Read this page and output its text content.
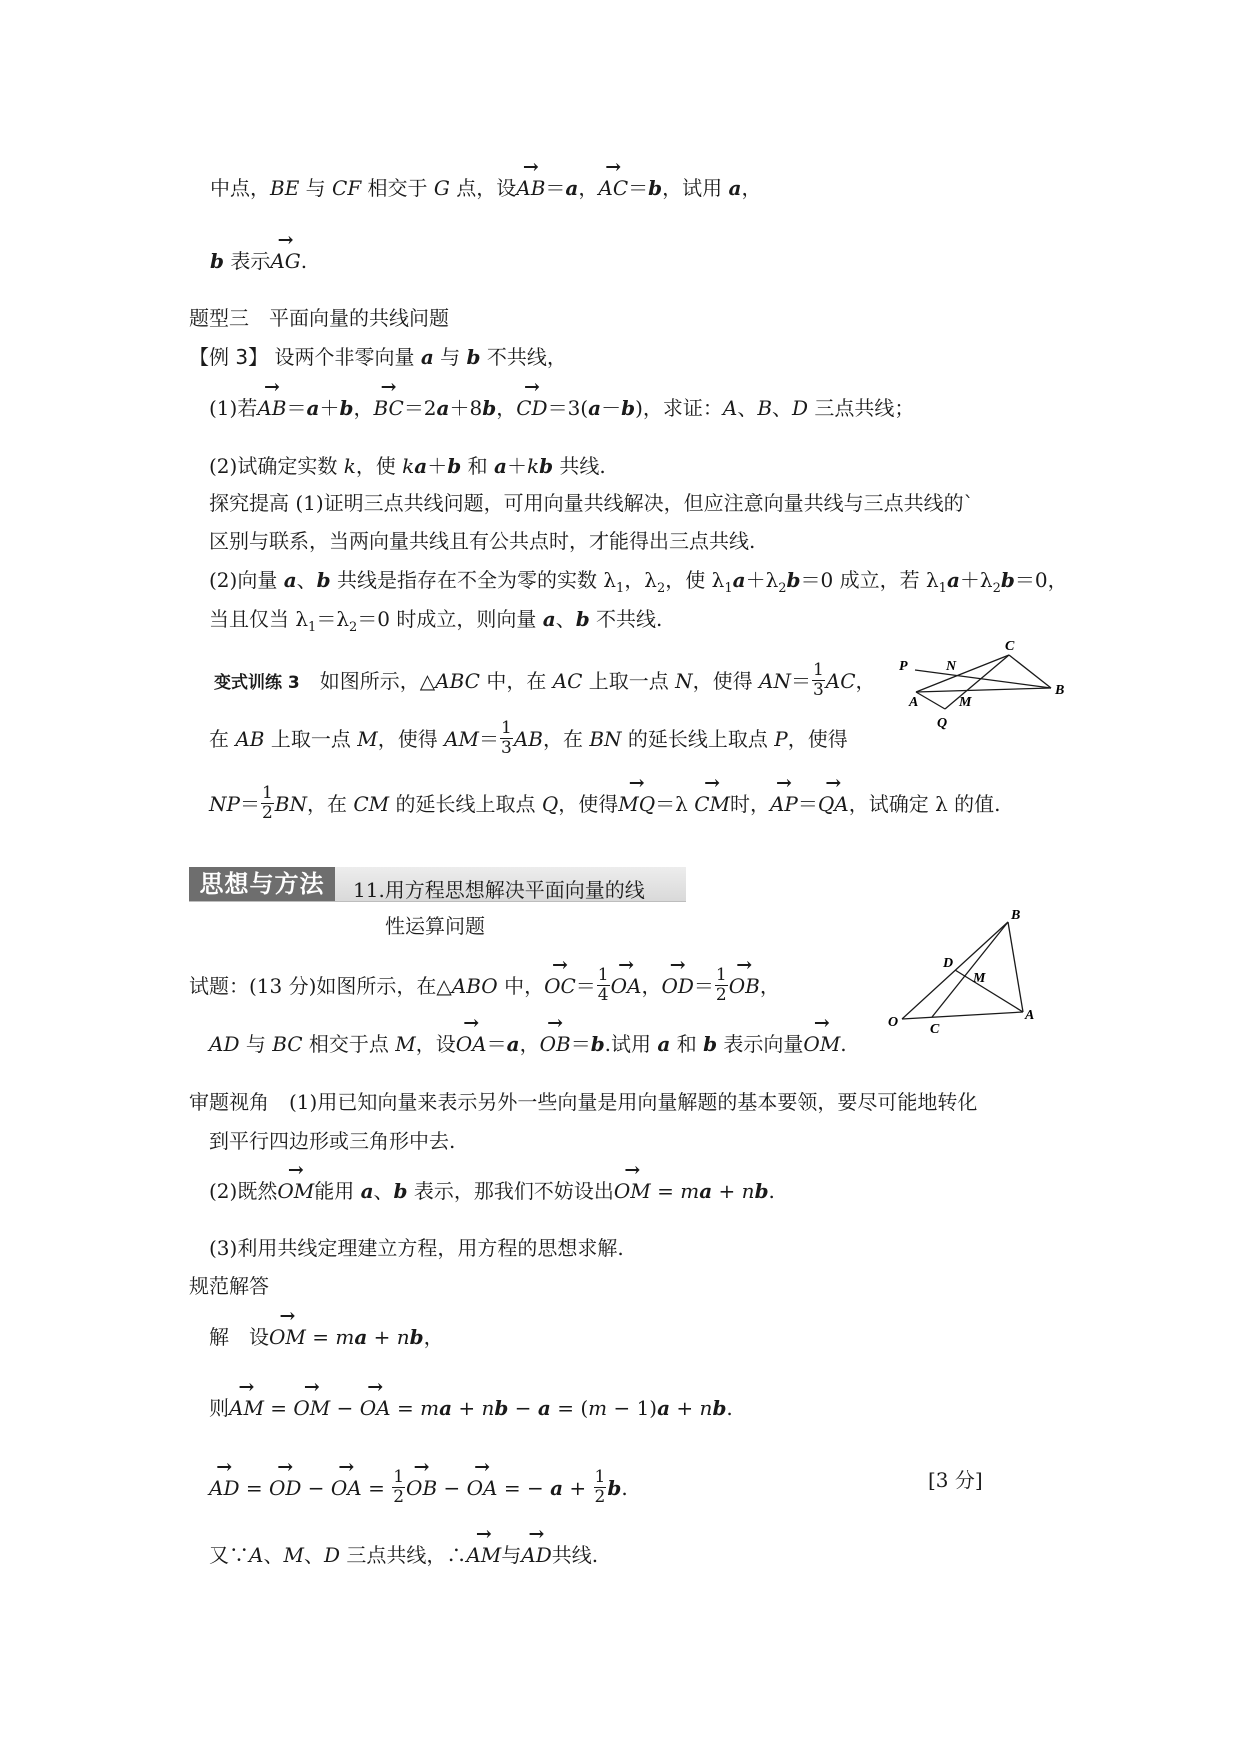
中点，BE 与 CF 相交于 G 点，设→ AB＝a，→ AC＝b，试用 a，
b 表示→ AG.
题型三　平面向量的共线问题
【例 3】 设两个非零向量 a 与 b 不共线，
(1)若→ AB＝a＋b，→ BC＝2a＋8b，→ CD＝3(a－b)，求证：A、B、D 三点共线；
(2)试确定实数 k，使 ka＋b 和 a＋kb 共线.
探究提高 (1)证明三点共线问题，可用向量共线解决，但应注意向量共线与三点共线的`
区别与联系，当两向量共线且有公共点时，才能得出三点共线.
(2)向量 a、b 共线是指存在不全为零的实数 $\lambda_1$，$\lambda_2$，使 $\lambda_1a+\lambda_2b=0$ 成立，若 $\lambda_1a+\lambda_2b=0$，
当且仅当 $\lambda_1=\lambda_2=0$ 时成立，则向量 a、b 不共线.
变式训练 3　如图所示，△ABC 中，在 AC 上取一点 N，使得 $AN= \frac{1}{3}$ AC，
在 AB 上取一点 M，使得 $AM= \frac{1}{3}$ AB，在 BN 的延长线上取点 P，使得
$NP= \frac{1}{2}$ BN，在 CM 的延长线上取点 Q，使得→ MQ＝λ → CM时，→ AP＝→ QA，试确定 λ 的值.
P	N
C
A	M
B
Q
思想与方法	11.用方程思想解决平面向量的线
性运算问题
试题：(13 分)如图所示，在△ABO 中，→ $OC= \frac{1}{4}$ → OA，→ $OD= \frac{1}{2}$ → OB，
AD 与 BC 相交于点 M，设→ OA＝a，→ OB＝b.试用 a 和 b 表示向量→ OM.
B
D
M
O C
A
审题视角　(1)用已知向量来表示另外一些向量是用向量解题的基本要领，要尽可能地转化
到平行四边形或三角形中去.
(2)既然→ OM能用 a、b 表示，那我们不妨设出→ OM = ma + nb.
(3)利用共线定理建立方程，用方程的思想求解.
规范解答
解　设→ OM = ma + nb，
则→ AM = → OM − → OA = ma + nb − a = (m − 1)a + nb.
→ AD = → OD − → OA = $\frac{1}{2}$ → OB − → OA = − $a + \frac{1}{2} b$.	[3 分]
又∵A、M、D 三点共线，∴→ AM与→ AD共线.
